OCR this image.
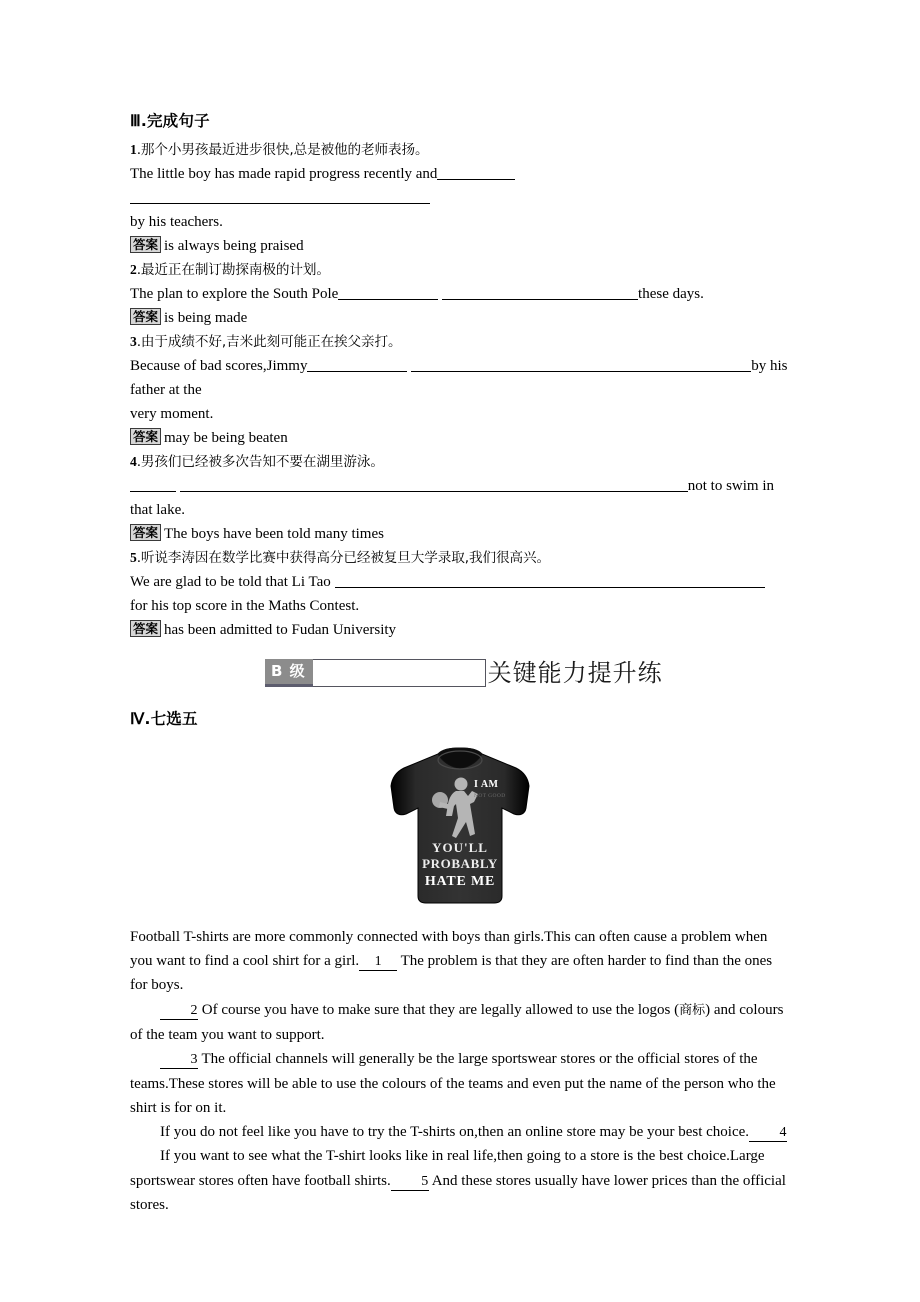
Ⅲ.完成句子
1.那个小男孩最近进步很快,总是被他的老师表扬。
The little boy has made rapid progress recently and
by his teachers.
答案 is always being praised
2.最近正在制订勘探南极的计划。
The plan to explore the South Pole	these days.
答案 is being made
3.由于成绩不好,吉米此刻可能正在挨父亲打。
Because of bad scores,Jimmy	by his father at the
very moment.
答案 may be being beaten
4.男孩们已经被多次告知不要在湖里游泳。
not to swim in
that lake.
答案 The boys have been told many times
5.听说李涛因在数学比赛中获得高分已经被复旦大学录取,我们很高兴。
We are glad to be told that Li Tao
for his top score in the Maths Contest.
答案 has been admitted to Fudan University
B 级	关键能力提升练
Ⅳ.七选五
I AM
NOT GOOD
YOU'LL
PROBABLY
HATE ME

Football T-shirts are more commonly connected with boys than girls.This can often cause a problem when you want to find a cool shirt for a girl. 1 The problem is that they are often harder to find than the ones for boys.

2 Of course you have to make sure that they are legally allowed to use the logos (商标) and colours of the team you want to support.

3 The official channels will generally be the large sportswear stores or the official stores of the teams.These stores will be able to use the colours of the teams and even put the name of the person who the shirt is for on it.

If you do not feel like you have to try the T-shirts on,then an online store may be your best choice. 4

If you want to see what the T-shirt looks like in real life,then going to a store is the best choice.Large sportswear stores often have football shirts. 5 And these stores usually have lower prices than the official stores.
